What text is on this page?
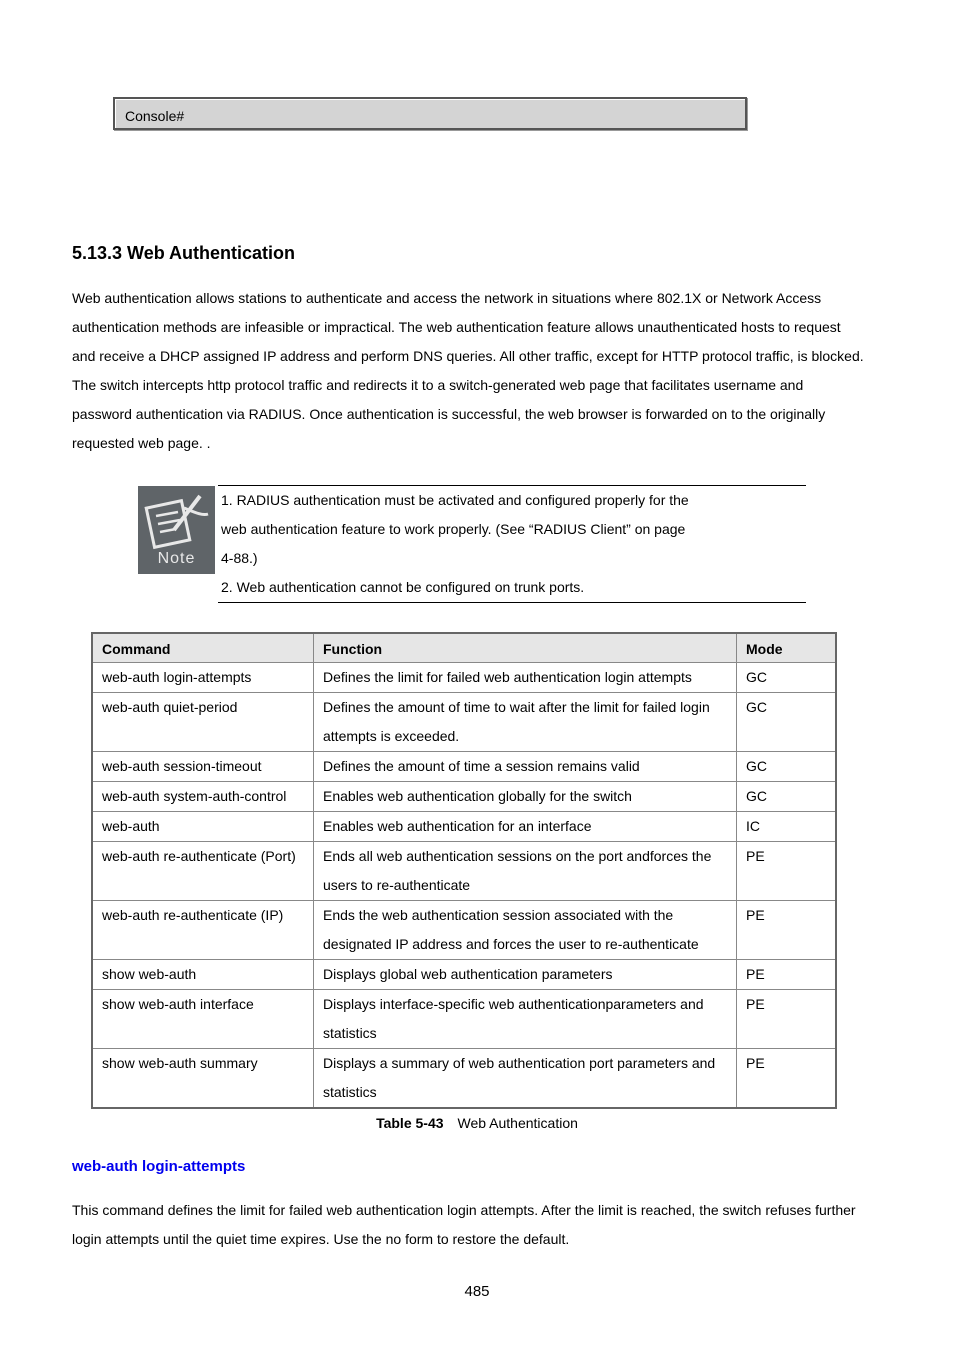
Console#
5.13.3 Web Authentication
Web authentication allows stations to authenticate and access the network in situations where 802.1X or Network Access
authentication methods are infeasible or impractical. The web authentication feature allows unauthenticated hosts to request
and receive a DHCP assigned IP address and perform DNS queries. All other traffic, except for HTTP protocol traffic, is blocked.
The switch intercepts http protocol traffic and redirects it to a switch-generated web page that facilitates username and
password authentication via RADIUS. Once authentication is successful, the web browser is forwarded on to the originally
requested web page. .
Note
1. RADIUS authentication must be activated and configured properly for the
web authentication feature to work properly. (See “RADIUS Client” on page
4-88.)
2. Web authentication cannot be configured on trunk ports.
Command	Function	Mode
web-auth login-attempts	Defines the limit for failed web authentication login attempts	GC
web-auth quiet-period	Defines the amount of time to wait after the limit for failed login attempts is exceeded.	GC
web-auth session-timeout	Defines the amount of time a session remains valid	GC
web-auth system-auth-control	Enables web authentication globally for the switch	GC
web-auth	Enables web authentication for an interface	IC
web-auth re-authenticate (Port)	Ends all web authentication sessions on the port andforces the users to re-authenticate	PE
web-auth re-authenticate (IP)	Ends the web authentication session associated with the designated IP address and forces the user to re-authenticate	PE
show web-auth	Displays global web authentication parameters	PE
show web-auth interface	Displays interface-specific web authenticationparameters and statistics	PE
show web-auth summary	Displays a summary of web authentication port parameters and statistics	PE
Table 5-43 Web Authentication
web-auth login-attempts
This command defines the limit for failed web authentication login attempts. After the limit is reached, the switch refuses further
login attempts until the quiet time expires. Use the no form to restore the default.
485
